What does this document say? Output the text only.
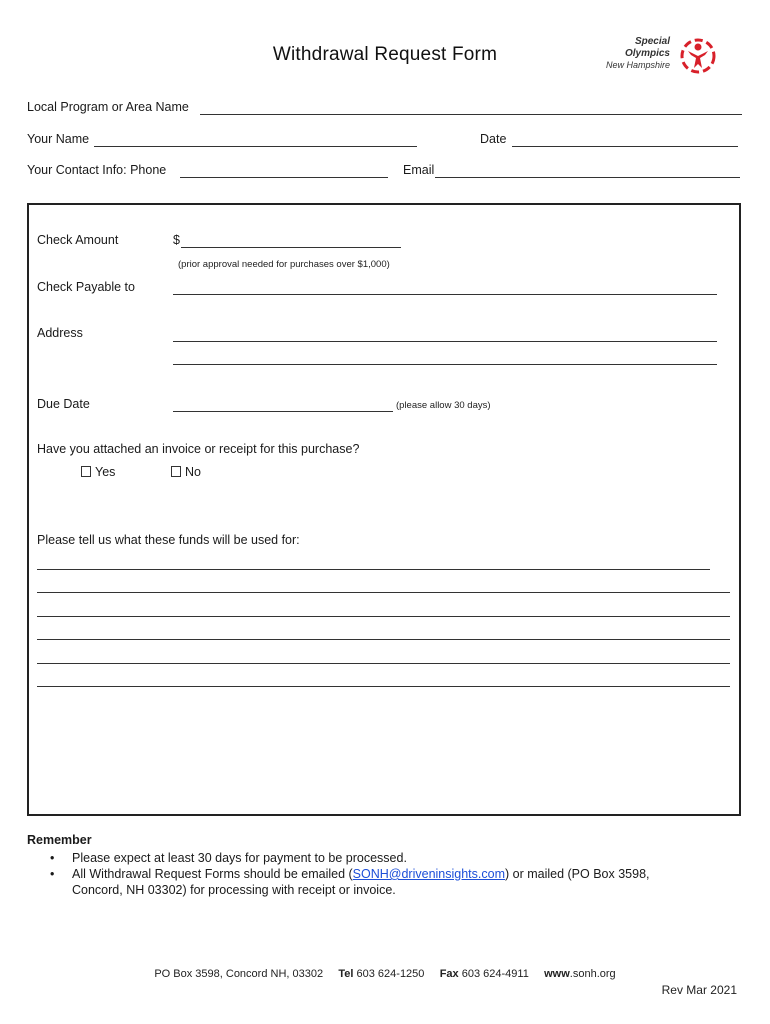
Withdrawal Request Form
Special
Olympics
New Hampshire
Local Program or Area Name
Your Name	Date
Your Contact Info: Phone	Email
Check Amount	$
(prior approval needed for purchases over $1,000)
Check Payable to
Address
Due Date	(please allow 30 days)
Have you attached an invoice or receipt for this purchase?
Yes	No
Please tell us what these funds will be used for:
Remember
• Please expect at least 30 days for payment to be processed.
• All Withdrawal Request Forms should be emailed (SONH@driveninsights.com) or mailed (PO Box 3598,
Concord, NH 03302) for processing with receipt or invoice.
PO Box 3598, Concord NH, 03302 Tel 603 624-1250 Fax 603 624-4911 www.sonh.org
Rev Mar 2021
